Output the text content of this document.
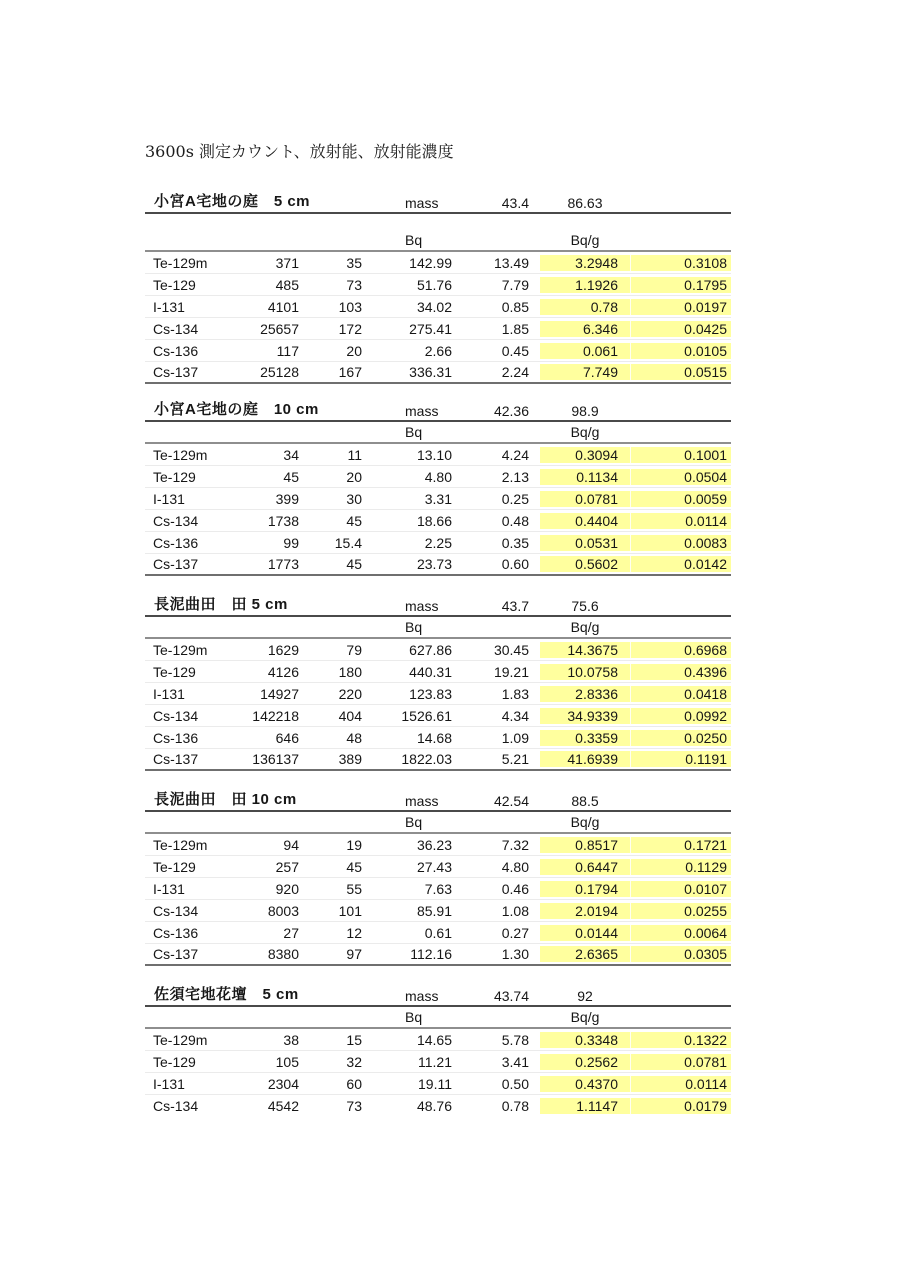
3600s 測定カウント、放射能、放射能濃度
小宮A宅地の庭　5 cm	mass	43.4	86.63
Bq	Bq/g
Te-129m	371	35	142.99	13.49	3.2948	0.3108
Te-129	485	73	51.76	7.79	1.1926	0.1795
I-131	4101	103	34.02	0.85	0.78	0.0197
Cs-134	25657	172	275.41	1.85	6.346	0.0425
Cs-136	117	20	2.66	0.45	0.061	0.0105
Cs-137	25128	167	336.31	2.24	7.749	0.0515
小宮A宅地の庭　10 cm	mass	42.36	98.9
Bq	Bq/g
Te-129m	34	11	13.10	4.24	0.3094	0.1001
Te-129	45	20	4.80	2.13	0.1134	0.0504
I-131	399	30	3.31	0.25	0.0781	0.0059
Cs-134	1738	45	18.66	0.48	0.4404	0.0114
Cs-136	99	15.4	2.25	0.35	0.0531	0.0083
Cs-137	1773	45	23.73	0.60	0.5602	0.0142
長泥曲田　田 5 cm	mass	43.7	75.6
Bq	Bq/g
Te-129m	1629	79	627.86	30.45	14.3675	0.6968
Te-129	4126	180	440.31	19.21	10.0758	0.4396
I-131	14927	220	123.83	1.83	2.8336	0.0418
Cs-134	142218	404	1526.61	4.34	34.9339	0.0992
Cs-136	646	48	14.68	1.09	0.3359	0.0250
Cs-137	136137	389	1822.03	5.21	41.6939	0.1191
長泥曲田　田 10 cm	mass	42.54	88.5
Bq	Bq/g
Te-129m	94	19	36.23	7.32	0.8517	0.1721
Te-129	257	45	27.43	4.80	0.6447	0.1129
I-131	920	55	7.63	0.46	0.1794	0.0107
Cs-134	8003	101	85.91	1.08	2.0194	0.0255
Cs-136	27	12	0.61	0.27	0.0144	0.0064
Cs-137	8380	97	112.16	1.30	2.6365	0.0305
佐須宅地花壇　5 cm	mass	43.74	92
Bq	Bq/g
Te-129m	38	15	14.65	5.78	0.3348	0.1322
Te-129	105	32	11.21	3.41	0.2562	0.0781
I-131	2304	60	19.11	0.50	0.4370	0.0114
Cs-134	4542	73	48.76	0.78	1.1147	0.0179
